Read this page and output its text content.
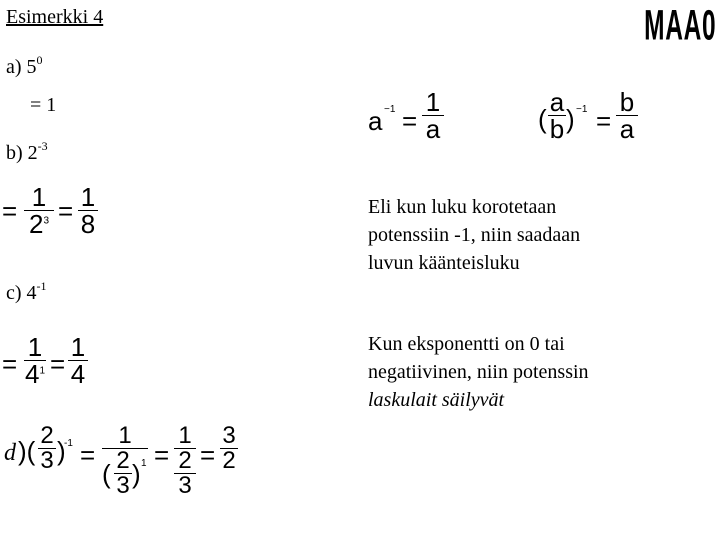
Esimerkki 4	MAA0
a) $5^0$
= 1
b) $2^{-3}$
= 1
$2^3 = 1$
8
c) $4^{-1}$
=
1
$4^1$ =
1
4
d )(
2
3 )
-1 =
1
( 2
3 ) 1 =
1
2
3
=
3
2
a −1 =
1
a	(
a
b ) −1 =
b
a
Eli kun luku korotetaan
potenssiin -1, niin saadaan
luvun käänteisluku
Kun eksponentti on 0 tai
negatiivinen, niin potenssin
laskulait säilyvät
